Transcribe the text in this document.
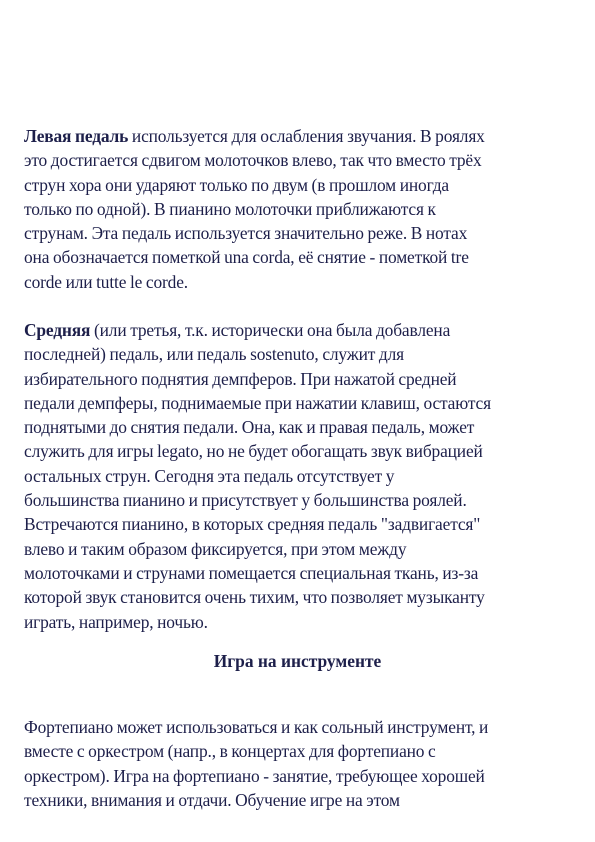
Левая педаль используется для ослабления звучания. В роялях
это достигается сдвигом молоточков влево, так что вместо трёх
струн хора они ударяют только по двум (в прошлом иногда
только по одной). В пианино молоточки приближаются к
струнам. Эта педаль используется значительно реже. В нотах
она обозначается пометкой una corda, её снятие - пометкой tre
corde или tutte le corde.
Средняя (или третья, т.к. исторически она была добавлена
последней) педаль, или педаль sostenuto, служит для
избирательного поднятия демпферов. При нажатой средней
педали демпферы, поднимаемые при нажатии клавиш, остаются
поднятыми до снятия педали. Она, как и правая педаль, может
служить для игры legato, но не будет обогащать звук вибрацией
остальных струн. Сегодня эта педаль отсутствует у
большинства пианино и присутствует у большинства роялей.
Встречаются пианино, в которых средняя педаль "задвигается"
влево и таким образом фиксируется, при этом между
молоточками и струнами помещается специальная ткань, из-за
которой звук становится очень тихим, что позволяет музыканту
играть, например, ночью.
Игра на инструменте
Фортепиано может использоваться и как сольный инструмент, и
вместе с оркестром (напр., в концертах для фортепиано с
оркестром). Игра на фортепиано - занятие, требующее хорошей
техники, внимания и отдачи. Обучение игре на этом
